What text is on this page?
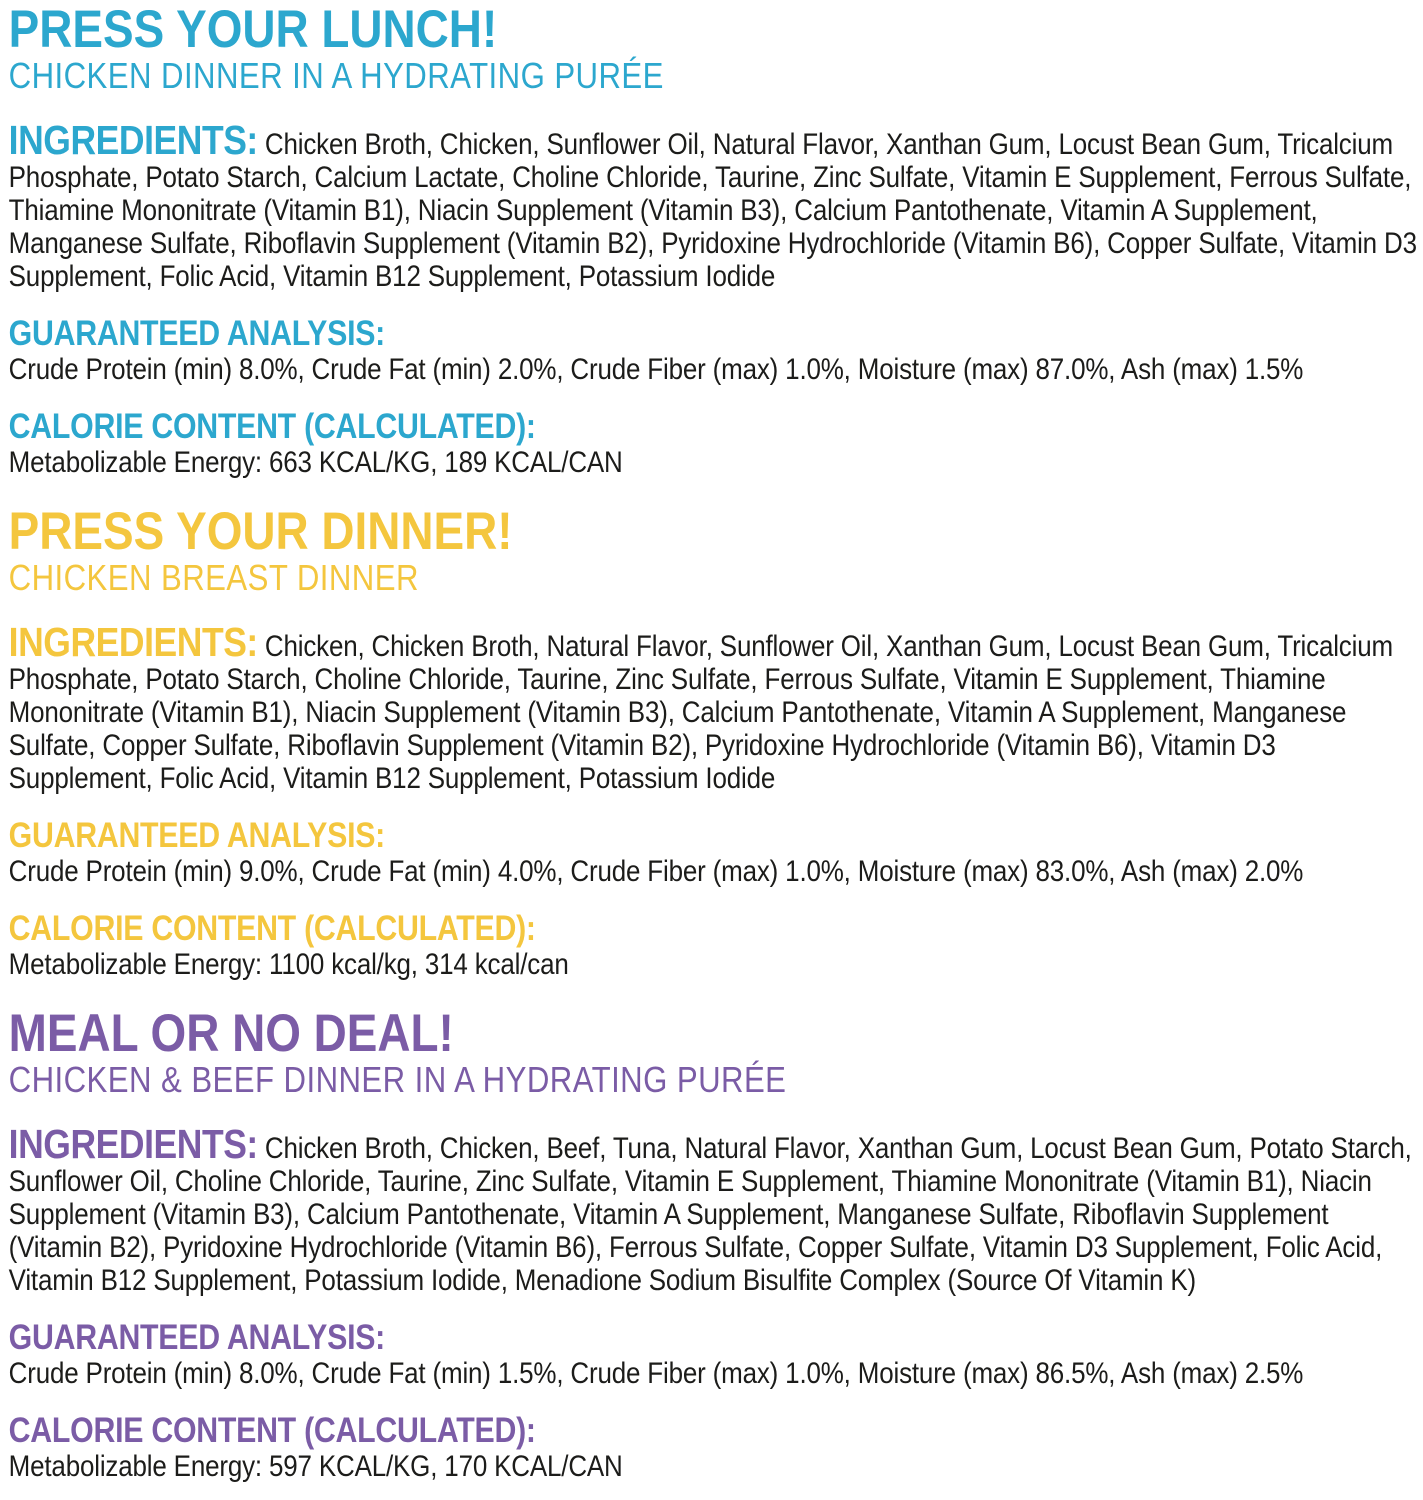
PRESS YOUR LUNCH!
CHICKEN DINNER IN A HYDRATING PURÉE
INGREDIENTS: Chicken Broth, Chicken, Sunflower Oil, Natural Flavor, Xanthan Gum, Locust Bean Gum, Tricalcium Phosphate, Potato Starch, Calcium Lactate, Choline Chloride, Taurine, Zinc Sulfate, Vitamin E Supplement, Ferrous Sulfate, Thiamine Mononitrate (Vitamin B1), Niacin Supplement (Vitamin B3), Calcium Pantothenate, Vitamin A Supplement, Manganese Sulfate, Riboflavin Supplement (Vitamin B2), Pyridoxine Hydrochloride (Vitamin B6), Copper Sulfate, Vitamin D3 Supplement, Folic Acid, Vitamin B12 Supplement, Potassium Iodide
GUARANTEED ANALYSIS:
Crude Protein (min) 8.0%, Crude Fat (min) 2.0%, Crude Fiber (max) 1.0%, Moisture (max) 87.0%, Ash (max) 1.5%
CALORIE CONTENT (CALCULATED):
Metabolizable Energy: 663 KCAL/KG, 189 KCAL/CAN
PRESS YOUR DINNER!
CHICKEN BREAST DINNER
INGREDIENTS: Chicken, Chicken Broth, Natural Flavor, Sunflower Oil, Xanthan Gum, Locust Bean Gum, Tricalcium Phosphate, Potato Starch, Choline Chloride, Taurine, Zinc Sulfate, Ferrous Sulfate, Vitamin E Supplement, Thiamine Mononitrate (Vitamin B1), Niacin Supplement (Vitamin B3), Calcium Pantothenate, Vitamin A Supplement, Manganese Sulfate, Copper Sulfate, Riboflavin Supplement (Vitamin B2), Pyridoxine Hydrochloride (Vitamin B6), Vitamin D3 Supplement, Folic Acid, Vitamin B12 Supplement, Potassium Iodide
GUARANTEED ANALYSIS:
Crude Protein (min) 9.0%, Crude Fat (min) 4.0%, Crude Fiber (max) 1.0%, Moisture (max) 83.0%, Ash (max) 2.0%
CALORIE CONTENT (CALCULATED):
Metabolizable Energy: 1100 kcal/kg, 314 kcal/can
MEAL OR NO DEAL!
CHICKEN & BEEF DINNER IN A HYDRATING PURÉE
INGREDIENTS: Chicken Broth, Chicken, Beef, Tuna, Natural Flavor, Xanthan Gum, Locust Bean Gum, Potato Starch, Sunflower Oil, Choline Chloride, Taurine, Zinc Sulfate, Vitamin E Supplement, Thiamine Mononitrate (Vitamin B1), Niacin Supplement (Vitamin B3), Calcium Pantothenate, Vitamin A Supplement, Manganese Sulfate, Riboflavin Supplement (Vitamin B2), Pyridoxine Hydrochloride (Vitamin B6), Ferrous Sulfate, Copper Sulfate, Vitamin D3 Supplement, Folic Acid, Vitamin B12 Supplement, Potassium Iodide, Menadione Sodium Bisulfite Complex (Source Of Vitamin K)
GUARANTEED ANALYSIS:
Crude Protein (min) 8.0%, Crude Fat (min) 1.5%, Crude Fiber (max) 1.0%, Moisture (max) 86.5%, Ash (max) 2.5%
CALORIE CONTENT (CALCULATED):
Metabolizable Energy: 597 KCAL/KG, 170 KCAL/CAN
